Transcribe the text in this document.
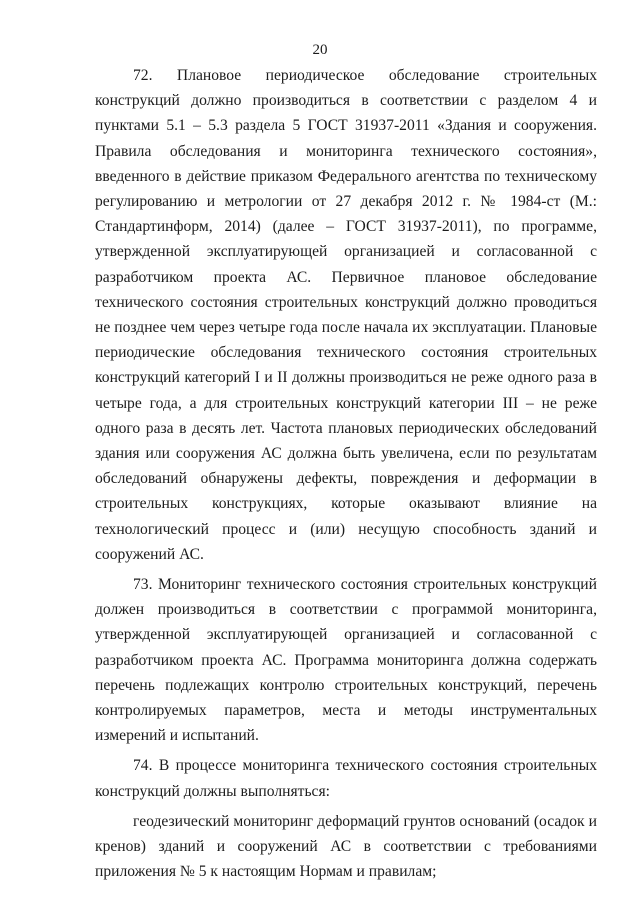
20

72. Плановое периодическое обследование строительных конструкций должно производиться в соответствии с разделом 4 и пунктами 5.1 – 5.3 раздела 5 ГОСТ 31937-2011 «Здания и сооружения. Правила обследования и мониторинга технического состояния», введенного в действие приказом Федерального агентства по техническому регулированию и метрологии от 27 декабря 2012 г. № 1984-ст (М.: Стандартинформ, 2014) (далее – ГОСТ 31937-2011), по программе, утвержденной эксплуатирующей организацией и согласованной с разработчиком проекта АС. Первичное плановое обследование технического состояния строительных конструкций должно проводиться не позднее чем через четыре года после начала их эксплуатации. Плановые периодические обследования технического состояния строительных конструкций категорий I и II должны производиться не реже одного раза в четыре года, а для строительных конструкций категории III – не реже одного раза в десять лет. Частота плановых периодических обследований здания или сооружения АС должна быть увеличена, если по результатам обследований обнаружены дефекты, повреждения и деформации в строительных конструкциях, которые оказывают влияние на технологический процесс и (или) несущую способность зданий и сооружений АС.

73. Мониторинг технического состояния строительных конструкций должен производиться в соответствии с программой мониторинга, утвержденной эксплуатирующей организацией и согласованной с разработчиком проекта АС. Программа мониторинга должна содержать перечень подлежащих контролю строительных конструкций, перечень контролируемых параметров, места и методы инструментальных измерений и испытаний.

74. В процессе мониторинга технического состояния строительных конструкций должны выполняться:

геодезический мониторинг деформаций грунтов оснований (осадок и кренов) зданий и сооружений АС в соответствии с требованиями приложения № 5 к настоящим Нормам и правилам;
